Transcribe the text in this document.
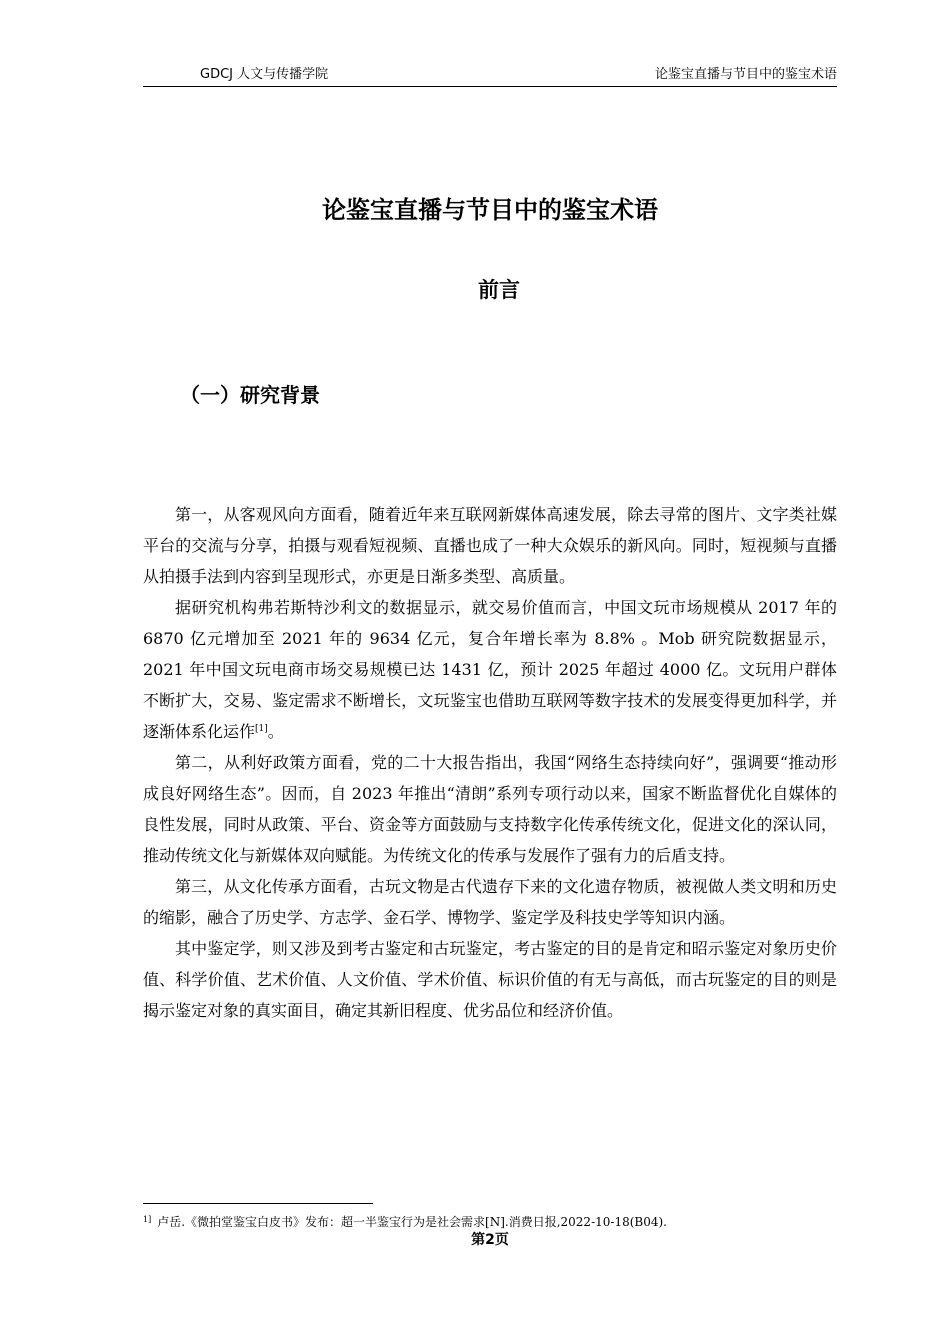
GDCJ 人文与传播学院	论鉴宝直播与节目中的鉴宝术语
论鉴宝直播与节目中的鉴宝术语
前言
（一）研究背景

第一，从客观风向方面看，随着近年来互联网新媒体高速发展，除去寻常的图片、文字类社媒平台的交流与分享，拍摄与观看短视频、直播也成了一种大众娱乐的新风向。同时，短视频与直播从拍摄手法到内容到呈现形式，亦更是日渐多类型、高质量。

据研究机构弗若斯特沙利文的数据显示，就交易价值而言，中国文玩市场规模从 2017 年的 6870 亿元增加至 2021 年的 9634 亿元，复合年增长率为 8.8% 。Mob 研究院数据显示，2021 年中国文玩电商市场交易规模已达 1431 亿，预计 2025 年超过 4000 亿。文玩用户群体不断扩大，交易、鉴定需求不断增长，文玩鉴宝也借助互联网等数字技术的发展变得更加科学，并逐渐体系化运作[1]。

第二，从利好政策方面看，党的二十大报告指出，我国“网络生态持续向好”，强调要“推动形成良好网络生态”。因而，自 2023 年推出“清朗”系列专项行动以来，国家不断监督优化自媒体的良性发展，同时从政策、平台、资金等方面鼓励与支持数字化传承传统文化，促进文化的深认同，推动传统文化与新媒体双向赋能。为传统文化的传承与发展作了强有力的后盾支持。

第三，从文化传承方面看，古玩文物是古代遗存下来的文化遗存物质，被视做人类文明和历史的缩影，融合了历史学、方志学、金石学、博物学、鉴定学及科技史学等知识内涵。

其中鉴定学，则又涉及到考古鉴定和古玩鉴定，考古鉴定的目的是肯定和昭示鉴定对象历史价值、科学价值、艺术价值、人文价值、学术价值、标识价值的有无与高低，而古玩鉴定的目的则是揭示鉴定对象的真实面目，确定其新旧程度、优劣品位和经济价值。

$^{1]}$ 卢岳.《微拍堂鉴宝白皮书》发布：超一半鉴宝行为是社会需求[N].消费日报,2022-10-18(B04).
第2页
